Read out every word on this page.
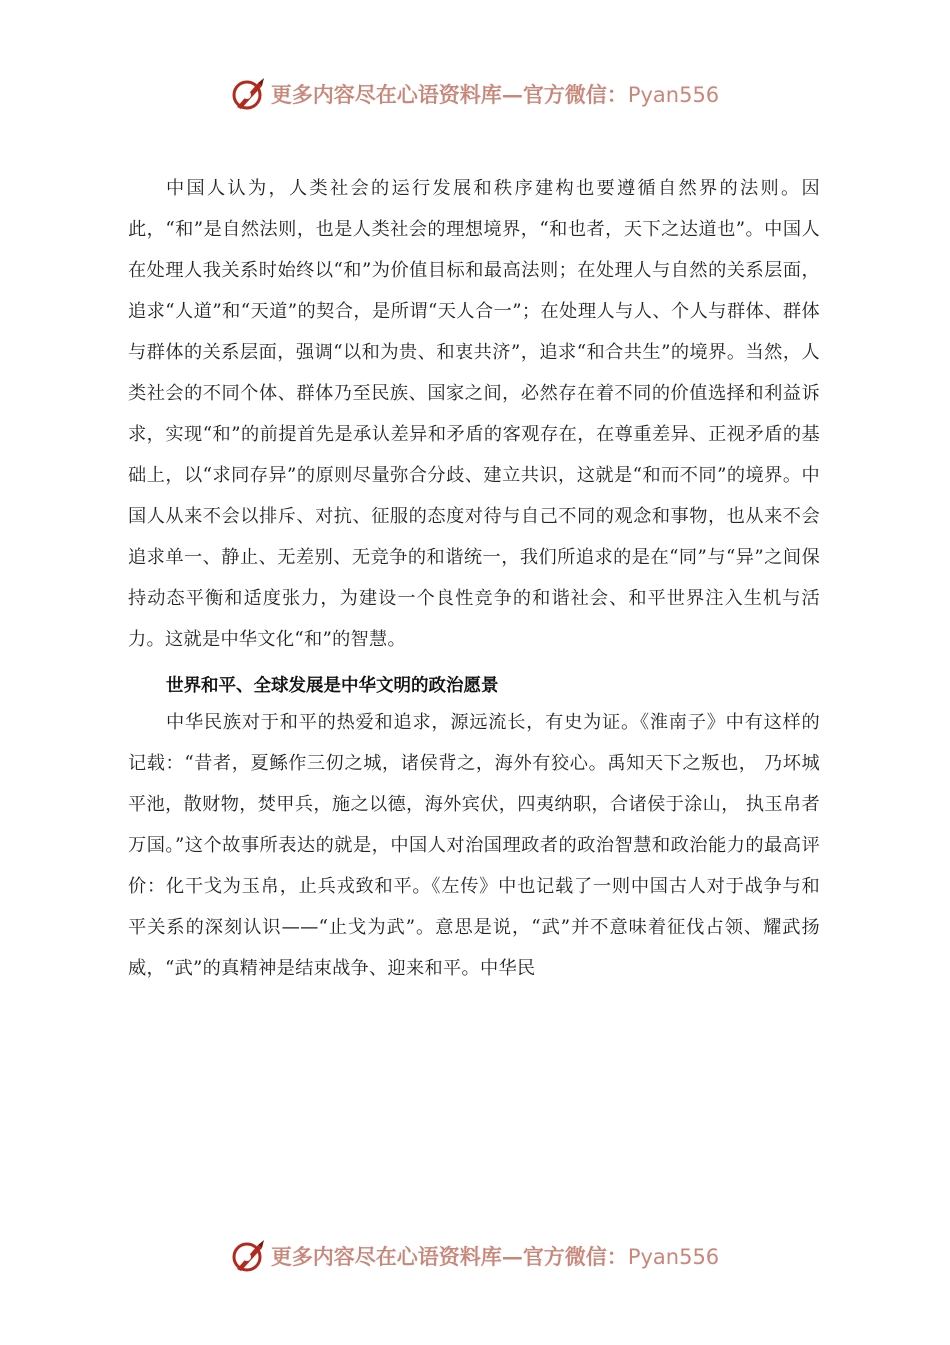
更多内容尽在心语资料库—官方微信：Pyan556

中国人认为，人类社会的运行发展和秩序建构也要遵循自然界的法则。因此，“和”是自然法则，也是人类社会的理想境界，“和也者，天下之达道也”。中国人在处理人我关系时始终以“和”为价值目标和最高法则；在处理人与自然的关系层面，追求“人道”和“天道”的契合，是所谓“天人合一”；在处理人与人、个人与群体、群体与群体的关系层面，强调“以和为贵、和衷共济”，追求“和合共生”的境界。当然，人类社会的不同个体、群体乃至民族、国家之间，必然存在着不同的价值选择和利益诉求，实现“和”的前提首先是承认差异和矛盾的客观存在，在尊重差异、正视矛盾的基础上，以“求同存异”的原则尽量弥合分歧、建立共识，这就是“和而不同”的境界。中国人从来不会以排斥、对抗、征服的态度对待与自己不同的观念和事物，也从来不会追求单一、静止、无差别、无竞争的和谐统一，我们所追求的是在“同”与“异”之间保持动态平衡和适度张力，为建设一个良性竞争的和谐社会、和平世界注入生机与活力。这就是中华文化“和”的智慧。

世界和平、全球发展是中华文明的政治愿景

中华民族对于和平的热爱和追求，源远流长，有史为证。《淮南子》中有这样的记载：“昔者，夏鲧作三仞之城，诸侯背之，海外有狡心。禹知天下之叛也， 乃坏城平池，散财物，焚甲兵，施之以德，海外宾伏，四夷纳职，合诸侯于涂山， 执玉帛者万国。”这个故事所表达的就是，中国人对治国理政者的政治智慧和政治能力的最高评价：化干戈为玉帛，止兵戎致和平。《左传》中也记载了一则中国古人对于战争与和平关系的深刻认识——“止戈为武”。意思是说，“武”并不意味着征伐占领、耀武扬威，“武”的真精神是结束战争、迎来和平。中华民

更多内容尽在心语资料库—官方微信：Pyan556
